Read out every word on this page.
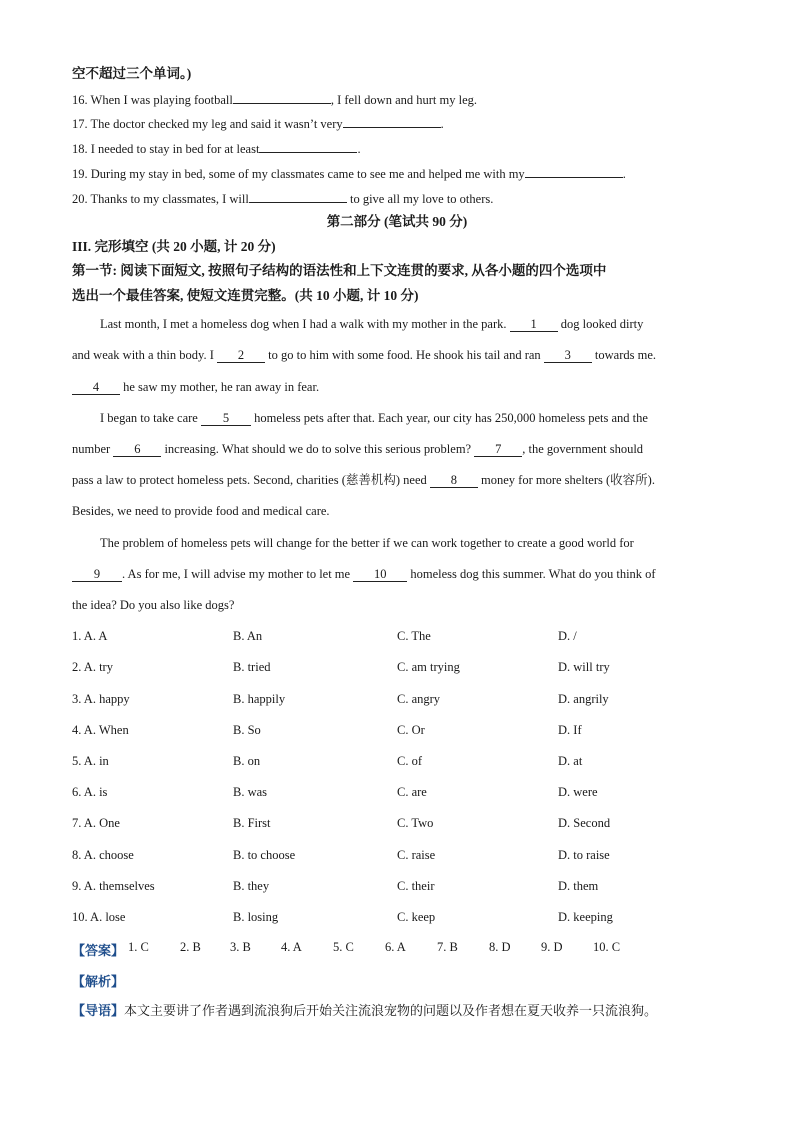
空不超过三个单词。)
16. When I was playing football	, I fell down and hurt my leg.
17. The doctor checked my leg and said it wasn’t very	.
18. I needed to stay in bed for at least	.
19. During my stay in bed, some of my classmates came to see me and helped me with my	.
20. Thanks to my classmates, I will	to give all my love to others.
第二部分 (笔试共 90 分)
III. 完形填空 (共 20 小题, 计 20 分)
第一节: 阅读下面短文, 按照句子结构的语法性和上下文连贯的要求, 从各小题的四个选项中
选出一个最佳答案, 使短文连贯完整。(共 10 小题, 计 10 分)
Last month, I met a homeless dog when I had a walk with my mother in the park. 1 dog looked dirty
and weak with a thin body. I 2 to go to him with some food. He shook his tail and ran 3 towards me.
4 he saw my mother, he ran away in fear.
I began to take care 5 homeless pets after that. Each year, our city has 250,000 homeless pets and the
number 6 increasing. What should we do to solve this serious problem? 7 , the government should
pass a law to protect homeless pets. Second, charities (慈善机构) need 8 money for more shelters (收容所).
Besides, we need to provide food and medical care.
The problem of homeless pets will change for the better if we can work together to create a good world for
9 . As for me, I will advise my mother to let me 10 homeless dog this summer. What do you think of
the idea? Do you also like dogs?
1. A. A	B. An	C. The	D. /
2. A. try	B. tried	C. am trying	D. will try
3. A. happy	B. happily	C. angry	D. angrily
4. A. When	B. So	C. Or	D. If
5. A. in	B. on	C. of	D. at
6. A. is	B. was	C. are	D. were
7. A. One	B. First	C. Two	D. Second
8. A. choose	B. to choose	C. raise	D. to raise
9. A. themselves	B. they	C. their	D. them
10. A. lose	B. losing	C. keep	D. keeping
【答案】 1. C 2. B 3. B 4. A 5. C 6. A 7. B 8. D 9. D 10. C
【解析】
【导语】本文主要讲了作者遇到流浪狗后开始关注流浪宠物的问题以及作者想在夏天收养一只流浪狗。
